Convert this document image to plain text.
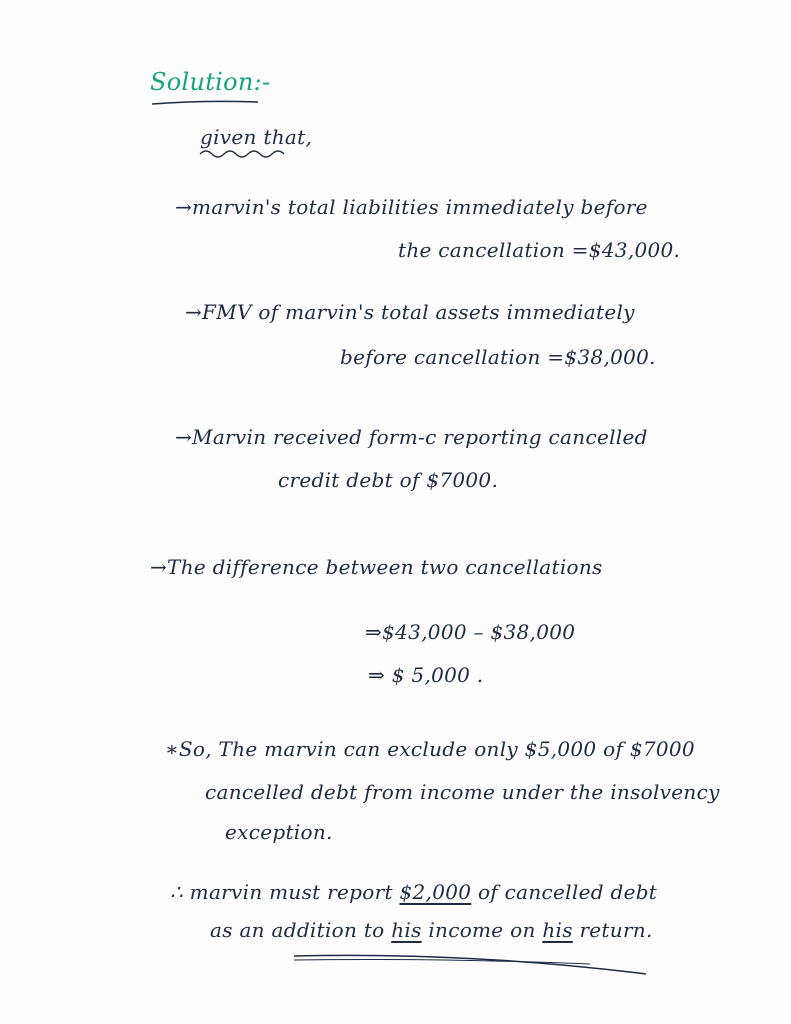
Solution:-
given that,
→marvin's total liabilities immediately before
the cancellation =$43,000.
→FMV of marvin's total assets immediately
before cancellation =$38,000.
→Marvin received form-c reporting cancelled
credit debt of $7000.
→The difference between two cancellations
⇒$43,000 – $38,000
⇒ $ 5,000 .
∗So, The marvin can exclude only $5,000 of $7000
cancelled debt from income under the insolvency
exception.
∴ marvin must report $2,000 of cancelled debt
as an addition to his income on his return.
